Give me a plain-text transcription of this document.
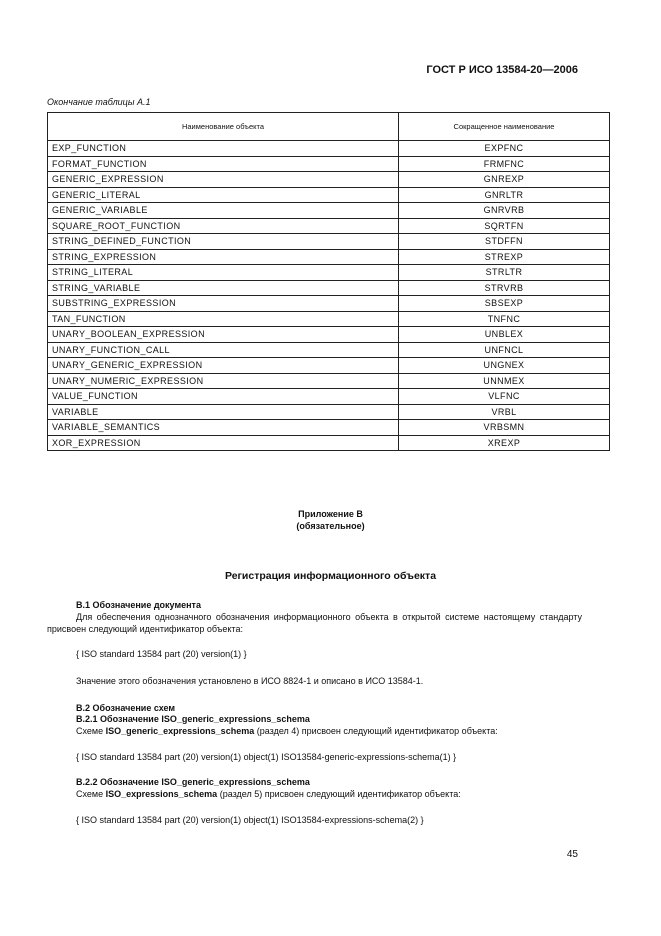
ГОСТ Р ИСО 13584-20—2006
Окончание таблицы А.1
Наименование объекта	Сокращенное наименование
EXP_FUNCTION	EXPFNC
FORMAT_FUNCTION	FRMFNC
GENERIC_EXPRESSION	GNREXP
GENERIC_LITERAL	GNRLTR
GENERIC_VARIABLE	GNRVRB
SQUARE_ROOT_FUNCTION	SQRTFN
STRING_DEFINED_FUNCTION	STDFFN
STRING_EXPRESSION	STREXP
STRING_LITERAL	STRLTR
STRING_VARIABLE	STRVRB
SUBSTRING_EXPRESSION	SBSEXP
TAN_FUNCTION	TNFNC
UNARY_BOOLEAN_EXPRESSION	UNBLEX
UNARY_FUNCTION_CALL	UNFNCL
UNARY_GENERIC_EXPRESSION	UNGNEX
UNARY_NUMERIC_EXPRESSION	UNNMEX
VALUE_FUNCTION	VLFNC
VARIABLE	VRBL
VARIABLE_SEMANTICS	VRBSMN
XOR_EXPRESSION	XREXP
Приложение В
(обязательное)
Регистрация информационного объекта
В.1 Обозначение документа
Для обеспечения однозначного обозначения информационного объекта в открытой системе настоящему стандарту присвоен следующий идентификатор объекта:
{ ISO standard 13584 part (20) version(1) }
Значение этого обозначения установлено в ИСО 8824-1 и описано в ИСО 13584-1.
В.2 Обозначение схем
В.2.1 Обозначение ISO_generic_expressions_schema
Схеме ISO_generic_expressions_schema (раздел 4) присвоен следующий идентификатор объекта:
{ ISO standard 13584 part (20) version(1) object(1) ISO13584-generic-expressions-schema(1) }
В.2.2 Обозначение ISO_generic_expressions_schema
Схеме ISO_expressions_schema (раздел 5) присвоен следующий идентификатор объекта:
{ ISO standard 13584 part (20) version(1) object(1) ISO13584-expressions-schema(2) }
45
